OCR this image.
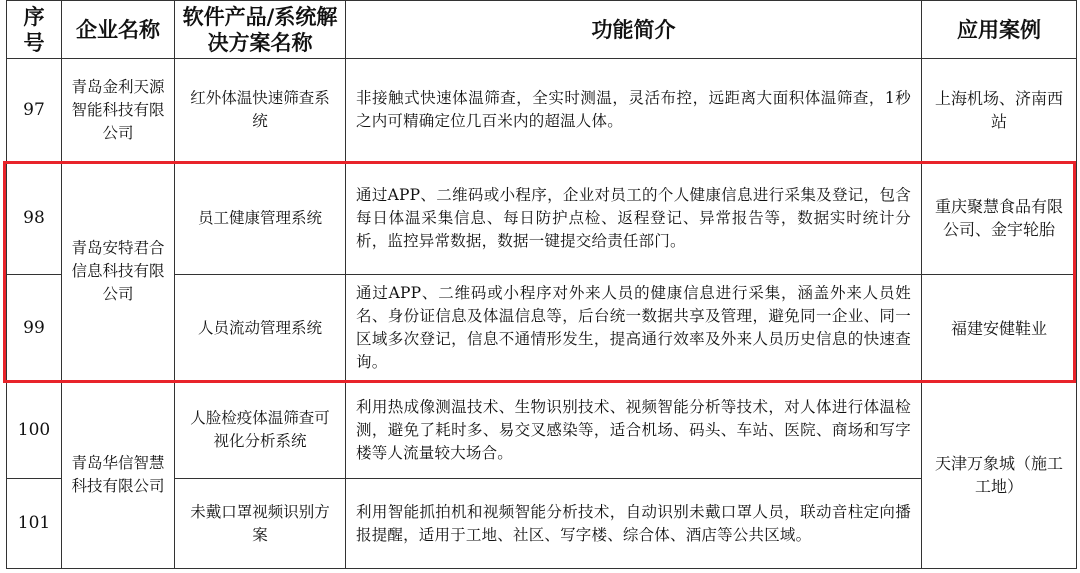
序号	企业名称	软件产品/系统解决方案名称	功能简介	应用案例
97	青岛金利天源智能科技有限公司	红外体温快速筛查系统	非接触式快速体温筛查，全实时测温，灵活布控，远距离大面积体温筛查，1秒之内可精确定位几百米内的超温人体。	上海机场、济南西站
98	青岛安特君合信息科技有限公司	员工健康管理系统	通过APP、二维码或小程序，企业对员工的个人健康信息进行采集及登记，包含每日体温采集信息、每日防护点检、返程登记、异常报告等，数据实时统计分析，监控异常数据，数据一键提交给责任部门。	重庆聚慧食品有限公司、金宇轮胎
99		人员流动管理系统	通过APP、二维码或小程序对外来人员的健康信息进行采集，涵盖外来人员姓名、身份证信息及体温信息等，后台统一数据共享及管理，避免同一企业、同一区域多次登记，信息不通情形发生，提高通行效率及外来人员历史信息的快速查询。	福建安健鞋业
100	青岛华信智慧科技有限公司	人脸检疫体温筛查可视化分析系统	利用热成像测温技术、生物识别技术、视频智能分析等技术，对人体进行体温检测，避免了耗时多、易交叉感染等，适合机场、码头、车站、医院、商场和写字楼等人流量较大场合。	天津万象城（施工工地）
101		未戴口罩视频识别方案	利用智能抓拍机和视频智能分析技术，自动识别未戴口罩人员，联动音柱定向播报提醒，适用于工地、社区、写字楼、综合体、酒店等公共区域。	
